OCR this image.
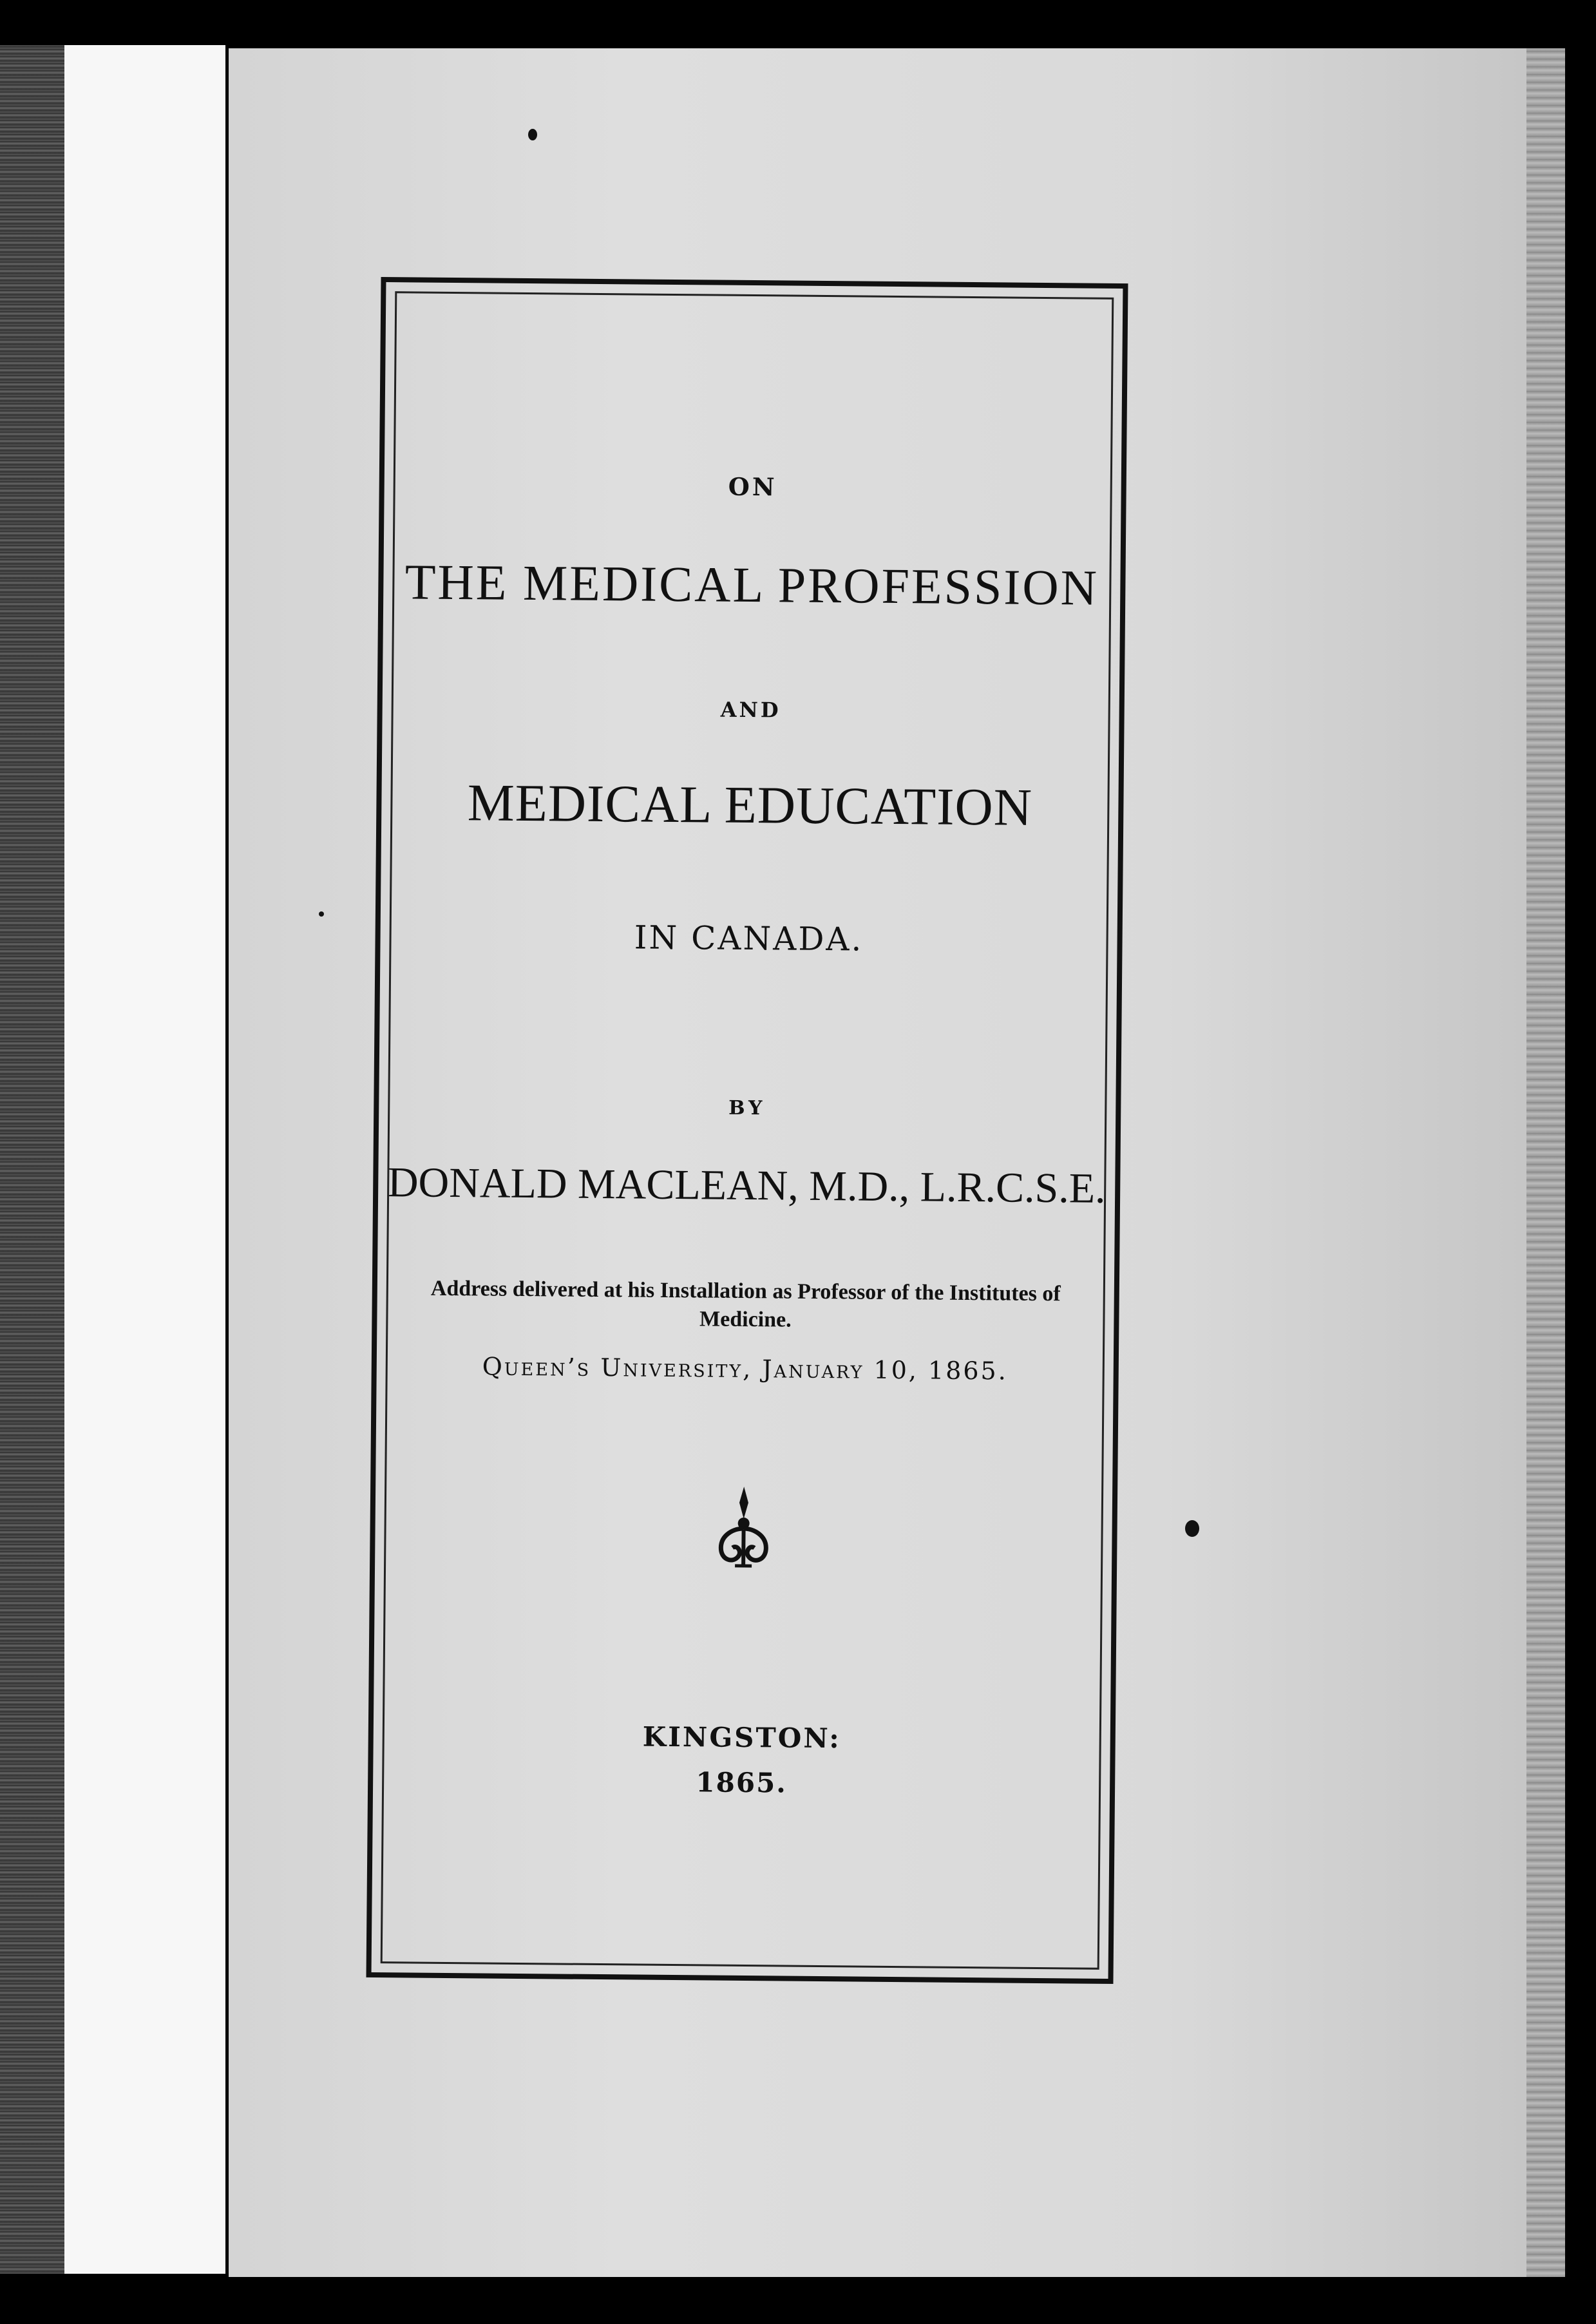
ON

THE MEDICAL PROFESSION

AND

MEDICAL EDUCATION

IN CANADA.

BY

DONALD MACLEAN, M.D., L.R.C.S.E.

Address delivered at his Installation as Professor of the Institutes of Medicine.

Queen’s University, January 10, 1865.

KINGSTON:

1865.
